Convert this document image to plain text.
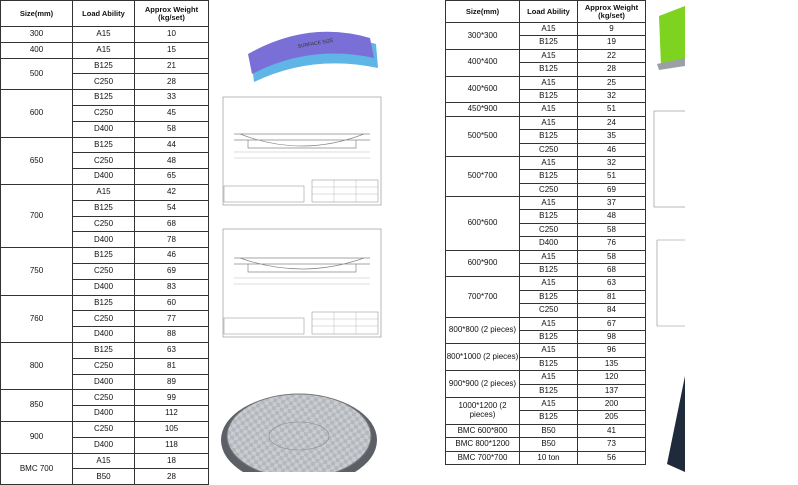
Size(mm)	Load Ability	Approx Weight (kg/set)
300	A15	10
400	A15	15
500	B125	21
	C250	28
600	B125	33
	C250	45
	D400	58
650	B125	44
	C250	48
	D400	65
700	A15	42
	B125	54
	C250	68
	D400	78
750	B125	46
	C250	69
	D400	83
760	B125	60
	C250	77
	D400	88
800	B125	63
	C250	81
	D400	89
850	C250	99
	D400	112
900	C250	105
	D400	118
BMC 700	A15	18
	B50	28
Size(mm)	Load Ability	Approx Weight (kg/set)
300*300	A15	9
	B125	19
400*400	A15	22
	B125	28
400*600	A15	25
	B125	32
450*900	A15	51
500*500	A15	24
	B125	35
	C250	46
500*700	A15	32
	B125	51
	C250	69
600*600	A15	37
	B125	48
	C250	58
	D400	76
600*900	A15	58
	B125	68
700*700	A15	63
	B125	81
	C250	84
800*800 (2 pieces)	A15	67
	B125	98
800*1000 (2 pieces)	A15	96
	B125	135
900*900 (2 pieces)	A15	120
	B125	137
1000*1200 (2 pieces)	A15	200
	B125	205
BMC 600*800	B50	41
BMC 800*1200	B50	73
BMC 700*700	10 ton	56
SURFACE SIZE
